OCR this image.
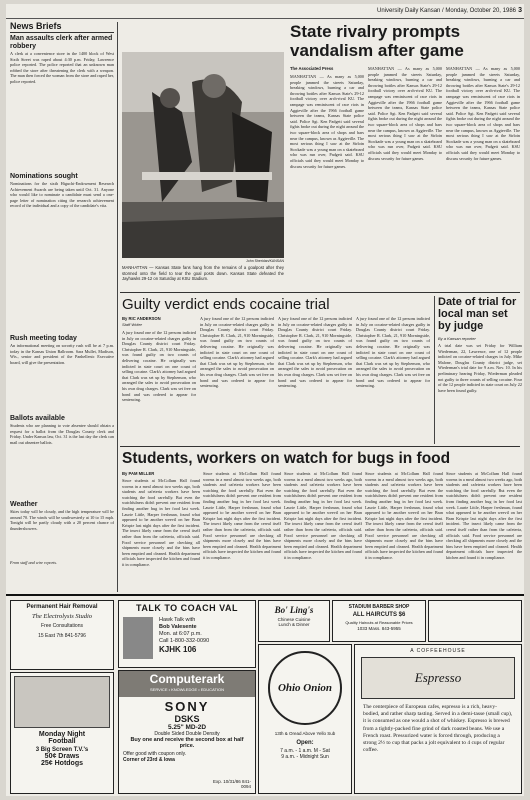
University Daily Kansan / Monday, October 20, 1986 3
News Briefs
Man assaults clerk after armed robbery
A clerk at a convenience store in the 1400 block of West Sixth Street was raped about 4:30 p.m. Friday, Lawrence police reported. The police reported that an unknown man robbed the store after threatening the clerk with a weapon. The man then forced the woman from the store and raped her, police reported.
Nominations sought
Nominations for the sixth Higuchi-Endowment Research Achievement Awards are being taken until Oct. 31. Anyone who would like to nominate a candidate must send a one-page letter of nomination citing the research achievement record of the individual and a copy of the candidate's vita.
Rush meeting today
An informational meeting on sorority rush will be at 7 p.m. today in the Kansas Union Ballroom. Sara Mullet, Madison, Wis., senior and president of the Panhellenic Executive board, will give the presentation.
Ballots available
Students who are planning to vote absentee should obtain a request for a ballot from the Douglas County clerk and Friday. Under Kansas law, Oct. 31 is the last day the clerk can mail out absentee ballots.
Weather
Skies today will be cloudy, and the high temperature will be around 70. The winds will be southwesterly at 10 to 15 mph. Tonight will be partly cloudy with a 20 percent chance of thundershowers.
From staff and wire reports.
John Sheridan/KANSAN
MANHATTAN — Kansas State fans hang from the remains of a goalpost after they stormed onto the field to tear the goal posts down. Kansas State defeated the Jayhawks 29-12 on Saturday at KSU Stadium.
State rivalry prompts vandalism after game
The Associated Press
MANHATTAN — As many as 5,000 people jammed the streets Saturday, breaking windows, burning a car and throwing bottles after Kansas State's 29-12 football victory over arch-rival KU. The rampage was reminiscent of race riots in Aggieville after the 1966 football game between the teams, Kansas State police said. Police Sgt. Ken Padgett said several fights broke out during the night around the two square-block area of shops and bars near the campus, known as Aggieville. The most serious thing I saw at the Sirloin Stockade was a young man on a skateboard who was run over, Padgett said. KSU officials said they would meet Monday to discuss security for future games.
MANHATTAN — As many as 5,000 people jammed the streets Saturday, breaking windows, burning a car and throwing bottles after Kansas State's 29-12 football victory over arch-rival KU. The rampage was reminiscent of race riots in Aggieville after the 1966 football game between the teams, Kansas State police said. Police Sgt. Ken Padgett said several fights broke out during the night around the two square-block area of shops and bars near the campus, known as Aggieville. The most serious thing I saw at the Sirloin Stockade was a young man on a skateboard who was run over, Padgett said. KSU officials said they would meet Monday to discuss security for future games.
MANHATTAN — As many as 5,000 people jammed the streets Saturday, breaking windows, burning a car and throwing bottles after Kansas State's 29-12 football victory over arch-rival KU. The rampage was reminiscent of race riots in Aggieville after the 1966 football game between the teams, Kansas State police said. Police Sgt. Ken Padgett said several fights broke out during the night around the two square-block area of shops and bars near the campus, known as Aggieville. The most serious thing I saw at the Sirloin Stockade was a young man on a skateboard who was run over, Padgett said. KSU officials said they would meet Monday to discuss security for future games.
Guilty verdict ends cocaine trial
By RIC ANDERSON
Staff Writer
A jury found one of the 12 persons indicted in July on cocaine-related charges guilty in Douglas County district court Friday. Christopher R. Clark, 21, 910 Morningside, was found guilty on two counts of delivering cocaine. He originally was indicted in state court on one count of selling cocaine. Clark's attorney had argued that Clark was set up by Stephenson, who arranged the sales to avoid prosecution on his own drug charges. Clark was set free on bond and was ordered to appear for sentencing.
A jury found one of the 12 persons indicted in July on cocaine-related charges guilty in Douglas County district court Friday. Christopher R. Clark, 21, 910 Morningside, was found guilty on two counts of delivering cocaine. He originally was indicted in state court on one count of selling cocaine. Clark's attorney had argued that Clark was set up by Stephenson, who arranged the sales to avoid prosecution on his own drug charges. Clark was set free on bond and was ordered to appear for sentencing.
A jury found one of the 12 persons indicted in July on cocaine-related charges guilty in Douglas County district court Friday. Christopher R. Clark, 21, 910 Morningside, was found guilty on two counts of delivering cocaine. He originally was indicted in state court on one count of selling cocaine. Clark's attorney had argued that Clark was set up by Stephenson, who arranged the sales to avoid prosecution on his own drug charges. Clark was set free on bond and was ordered to appear for sentencing.
A jury found one of the 12 persons indicted in July on cocaine-related charges guilty in Douglas County district court Friday. Christopher R. Clark, 21, 910 Morningside, was found guilty on two counts of delivering cocaine. He originally was indicted in state court on one count of selling cocaine. Clark's attorney had argued that Clark was set up by Stephenson, who arranged the sales to avoid prosecution on his own drug charges. Clark was set free on bond and was ordered to appear for sentencing.
Date of trial for local man set by judge
By a Kansan reporter
A trial date was set Friday for William Wiederman, 22, Lawrence, one of 12 people indicted on cocaine-related charges in July. Mike Malone, Douglas County district judge, set Wiederman's trial date for 9 a.m. Nov. 10. In his preliminary hearing Friday, Wiederman pleaded not guilty to three counts of selling cocaine. Four of the 12 people indicted in state court on July 22 have been found guilty.
Students, workers on watch for bugs in food
By PAM MILLER
Since students at McCollum Hall found worms in a meal almost two weeks ago, both students and cafeteria workers have been watching the food carefully. But even the watchfulness didn't prevent one resident from finding another bug in her food last week. Laurie Little, Harper freshman, found what appeared to be another weevil on her Bran Krispie last night days after the first incident. The insect likely came from the cereal itself rather than from the cafeteria, officials said. Food service personnel are checking all shipments more closely and the bins have been emptied and cleaned. Health department officials have inspected the kitchen and found it in compliance.
Since students at McCollum Hall found worms in a meal almost two weeks ago, both students and cafeteria workers have been watching the food carefully. But even the watchfulness didn't prevent one resident from finding another bug in her food last week. Laurie Little, Harper freshman, found what appeared to be another weevil on her Bran Krispie last night days after the first incident. The insect likely came from the cereal itself rather than from the cafeteria, officials said. Food service personnel are checking all shipments more closely and the bins have been emptied and cleaned. Health department officials have inspected the kitchen and found it in compliance.
Since students at McCollum Hall found worms in a meal almost two weeks ago, both students and cafeteria workers have been watching the food carefully. But even the watchfulness didn't prevent one resident from finding another bug in her food last week. Laurie Little, Harper freshman, found what appeared to be another weevil on her Bran Krispie last night days after the first incident. The insect likely came from the cereal itself rather than from the cafeteria, officials said. Food service personnel are checking all shipments more closely and the bins have been emptied and cleaned. Health department officials have inspected the kitchen and found it in compliance.
Since students at McCollum Hall found worms in a meal almost two weeks ago, both students and cafeteria workers have been watching the food carefully. But even the watchfulness didn't prevent one resident from finding another bug in her food last week. Laurie Little, Harper freshman, found what appeared to be another weevil on her Bran Krispie last night days after the first incident. The insect likely came from the cereal itself rather than from the cafeteria, officials said. Food service personnel are checking all shipments more closely and the bins have been emptied and cleaned. Health department officials have inspected the kitchen and found it in compliance.
Since students at McCollum Hall found worms in a meal almost two weeks ago, both students and cafeteria workers have been watching the food carefully. But even the watchfulness didn't prevent one resident from finding another bug in her food last week. Laurie Little, Harper freshman, found what appeared to be another weevil on her Bran Krispie last night days after the first incident. The insect likely came from the cereal itself rather than from the cafeteria, officials said. Food service personnel are checking all shipments more closely and the bins have been emptied and cleaned. Health department officials have inspected the kitchen and found it in compliance.
Permanent Hair Removal
The Electrolysis Studio
Free Consultations
15 East 7th 841-5796
Monday Night
Football
3 Big Screen T.V.'s
50¢ Draws
25¢ Hotdogs
TALK TO COACH VAL
Hawk Talk with
Bob Valesente
Mon. at 6:07 p.m.
Call 1-800-332-0090
KJHK 106
Bo' Ling's
Chinese Cuisine
Lunch & Dinner
STADIUM BARBER SHOP
ALL HAIRCUTS $6
Quality Haircuts at Reasonable Prices
1033 Mass. 843-5955
Computerark
SERVICE • KNOWLEDGE • EDUCATION
SONY
DSKS
5.25" MD-2D
Double Sided Double Density
Buy one and receive the second box at half price.
Offer good with coupon only.
Corner of 23rd & Iowa
Exp. 10/31/86 841-0094
Ohio Onion
13th & Oread Above Yello Sub
Open:
7 a.m. - 1 a.m. M - Sat
9 a.m. - Midnight Sun
A COFFEEHOUSE
Espresso
The centerpiece of European cafes, espresso is a rich, heavy-bodied, and rather sharp tasting. Served in a demi-tasse (small cup), it is consumed as one would a shot of whiskey. Espresso is brewed from a tightly-packed fine grind of dark roasted beans. We use a French roast. Pressurized water is forced through, producing a strong 2½ to cup that packs a jolt equivalent to 4 cups of regular coffee.
